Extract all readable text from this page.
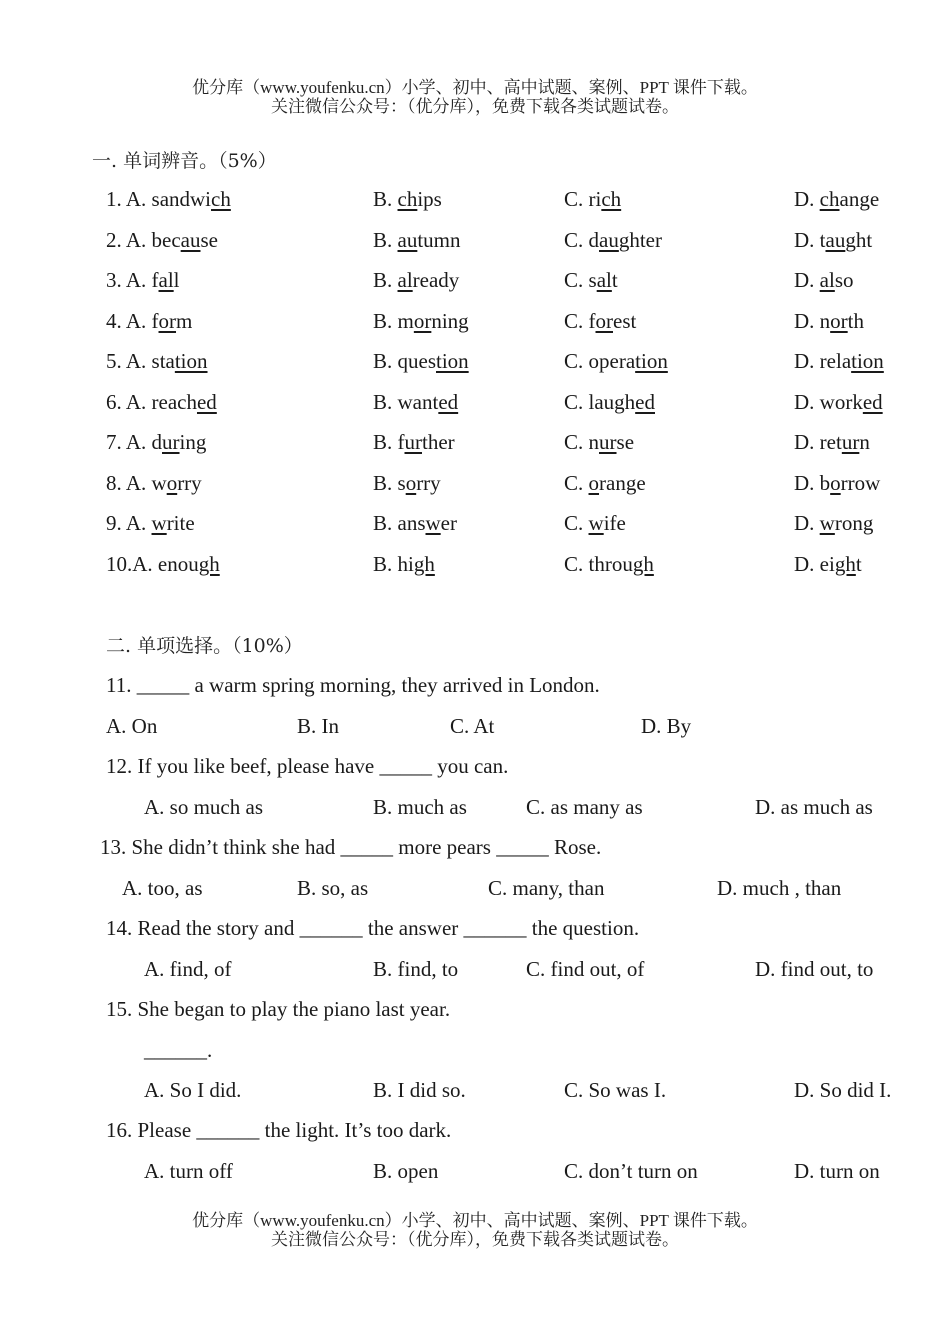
优分库（www.youfenku.cn）小学、初中、高中试题、案例、PPT 课件下载。
关注微信公众号：（优分库），免费下载各类试题试卷。
一. 单词辨音。（5%）
1. A. sandwich	B. chips	C. rich	D. change
2. A. because	B. autumn	C. daughter	D. taught
3. A. fall	B. already	C. salt	D. also
4. A. form	B. morning	C. forest	D. north
5. A. station	B. question	C. operation	D. relation
6. A. reached	B. wanted	C. laughed	D. worked
7. A. during	B. further	C. nurse	D. return
8. A. worry	B. sorry	C. orange	D. borrow
9. A. write	B. answer	C. wife	D. wrong
10.A. enough	B. high	C. through	D. eight
二. 单项选择。（10%）
11. _____ a warm spring morning, they arrived in London.
A. On	B. In	C. At	D. By
12. If you like beef, please have _____ you can.
A. so much as	B. much as	C. as many as	D. as much as
13. She didn’t think she had _____ more pears _____ Rose.
A. too, as	B. so, as	C. many, than	D. much , than
14. Read the story and ______ the answer ______ the question.
A. find, of	B. find, to	C. find out, of	D. find out, to
15. She began to play the piano last year.
______.
A. So I did.	B. I did so.	C. So was I.	D. So did I.
16. Please ______ the light. It’s too dark.
A. turn off	B. open	C. don’t turn on	D. turn on
优分库（www.youfenku.cn）小学、初中、高中试题、案例、PPT 课件下载。
关注微信公众号：（优分库），免费下载各类试题试卷。
